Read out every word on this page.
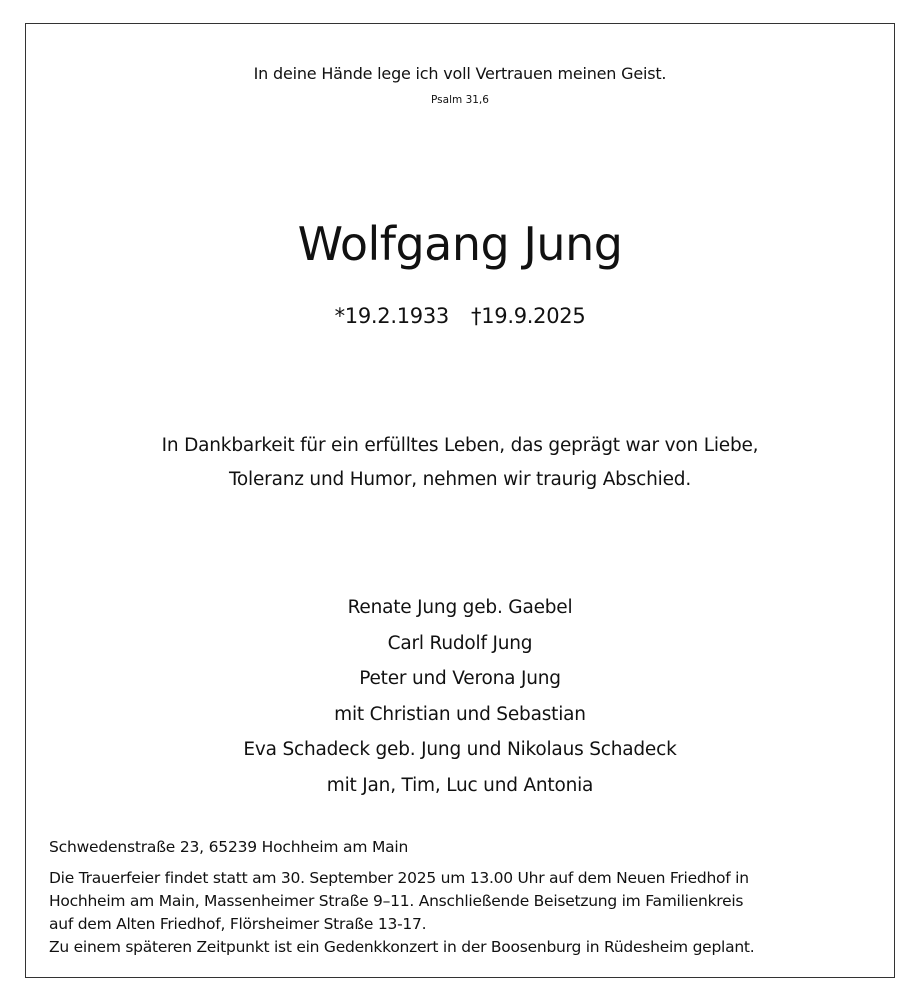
In deine Hände lege ich voll Vertrauen meinen Geist.
Psalm 31,6
Wolfgang Jung
*19.2.1933 †19.9.2025
In Dankbarkeit für ein erfülltes Leben, das geprägt war von Liebe,
Toleranz und Humor, nehmen wir traurig Abschied.
Renate Jung geb. Gaebel
Carl Rudolf Jung
Peter und Verona Jung
mit Christian und Sebastian
Eva Schadeck geb. Jung und Nikolaus Schadeck
mit Jan, Tim, Luc und Antonia
Schwedenstraße 23, 65239 Hochheim am Main
Die Trauerfeier findet statt am 30. September 2025 um 13.00 Uhr auf dem Neuen Friedhof in
Hochheim am Main, Massenheimer Straße 9–11. Anschließende Beisetzung im Familienkreis
auf dem Alten Friedhof, Flörsheimer Straße 13-17.
Zu einem späteren Zeitpunkt ist ein Gedenkkonzert in der Boosenburg in Rüdesheim geplant.
